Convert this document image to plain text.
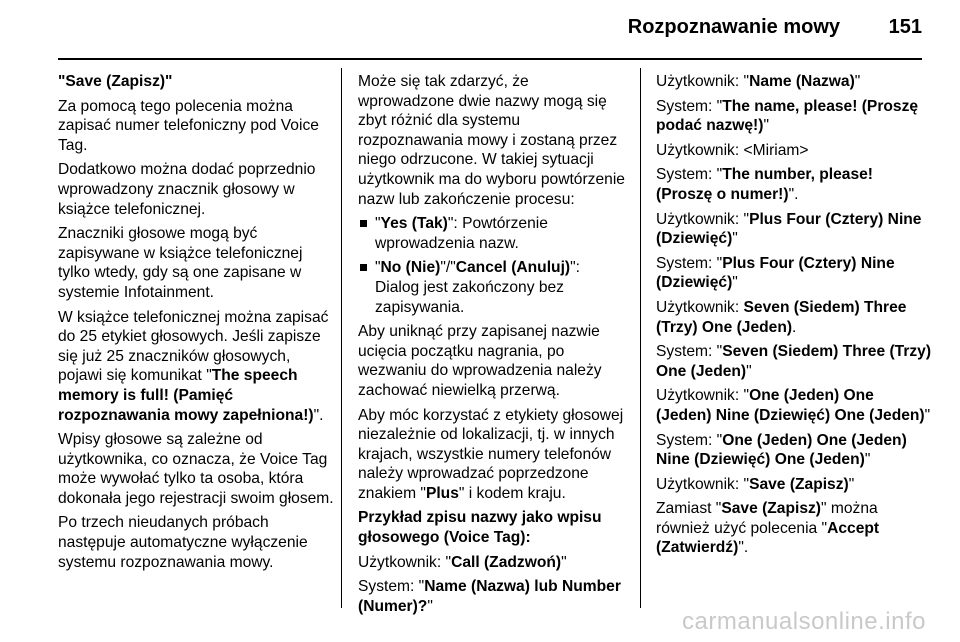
Rozpoznawanie mowy 151

"Save (Zapisz)"

Za pomocą tego polecenia można zapisać numer telefoniczny pod Voice Tag.

Dodatkowo można dodać poprzednio wprowadzony znacznik głosowy w książce telefonicznej.

Znaczniki głosowe mogą być zapisywane w książce telefonicznej tylko wtedy, gdy są one zapisane w systemie Infotainment.

W książce telefonicznej można zapisać do 25 etykiet głosowych. Jeśli zapisze się już 25 znaczników głosowych, pojawi się komunikat "The speech memory is full! (Pamięć rozpoznawania mowy zapełniona!)".

Wpisy głosowe są zależne od użytkownika, co oznacza, że Voice Tag może wywołać tylko ta osoba, która dokonała jego rejestracji swoim głosem.

Po trzech nieudanych próbach następuje automatyczne wyłączenie systemu rozpoznawania mowy.

Może się tak zdarzyć, że wprowadzone dwie nazwy mogą się zbyt różnić dla systemu rozpoznawania mowy i zostaną przez niego odrzucone. W takiej sytuacji użytkownik ma do wyboru powtórzenie nazw lub zakończenie procesu:

"Yes (Tak)": Powtórzenie wprowadzenia nazw.
"No (Nie)"/"Cancel (Anuluj)": Dialog jest zakończony bez zapisywania.

Aby uniknąć przy zapisanej nazwie ucięcia początku nagrania, po wezwaniu do wprowadzenia należy zachować niewielką przerwą.

Aby móc korzystać z etykiety głosowej niezależnie od lokalizacji, tj. w innych krajach, wszystkie numery telefonów należy wprowadzać poprzedzone znakiem "Plus" i kodem kraju.

Przykład zpisu nazwy jako wpisu głosowego (Voice Tag):

Użytkownik: "Call (Zadzwoń)"

System: "Name (Nazwa) lub Number (Numer)?"

Użytkownik: "Name (Nazwa)"

System: "The name, please! (Proszę podać nazwę!)"

Użytkownik: <Miriam>

System: "The number, please! (Proszę o numer!)".

Użytkownik: "Plus Four (Cztery) Nine (Dziewięć)"

System: "Plus Four (Cztery) Nine (Dziewięć)"

Użytkownik: Seven (Siedem) Three (Trzy) One (Jeden).

System: "Seven (Siedem) Three (Trzy) One (Jeden)"

Użytkownik: "One (Jeden) One (Jeden) Nine (Dziewięć) One (Jeden)"

System: "One (Jeden) One (Jeden) Nine (Dziewięć) One (Jeden)"

Użytkownik: "Save (Zapisz)"

Zamiast "Save (Zapisz)" można również użyć polecenia "Accept (Zatwierdź)".

carmanualsonline.info
